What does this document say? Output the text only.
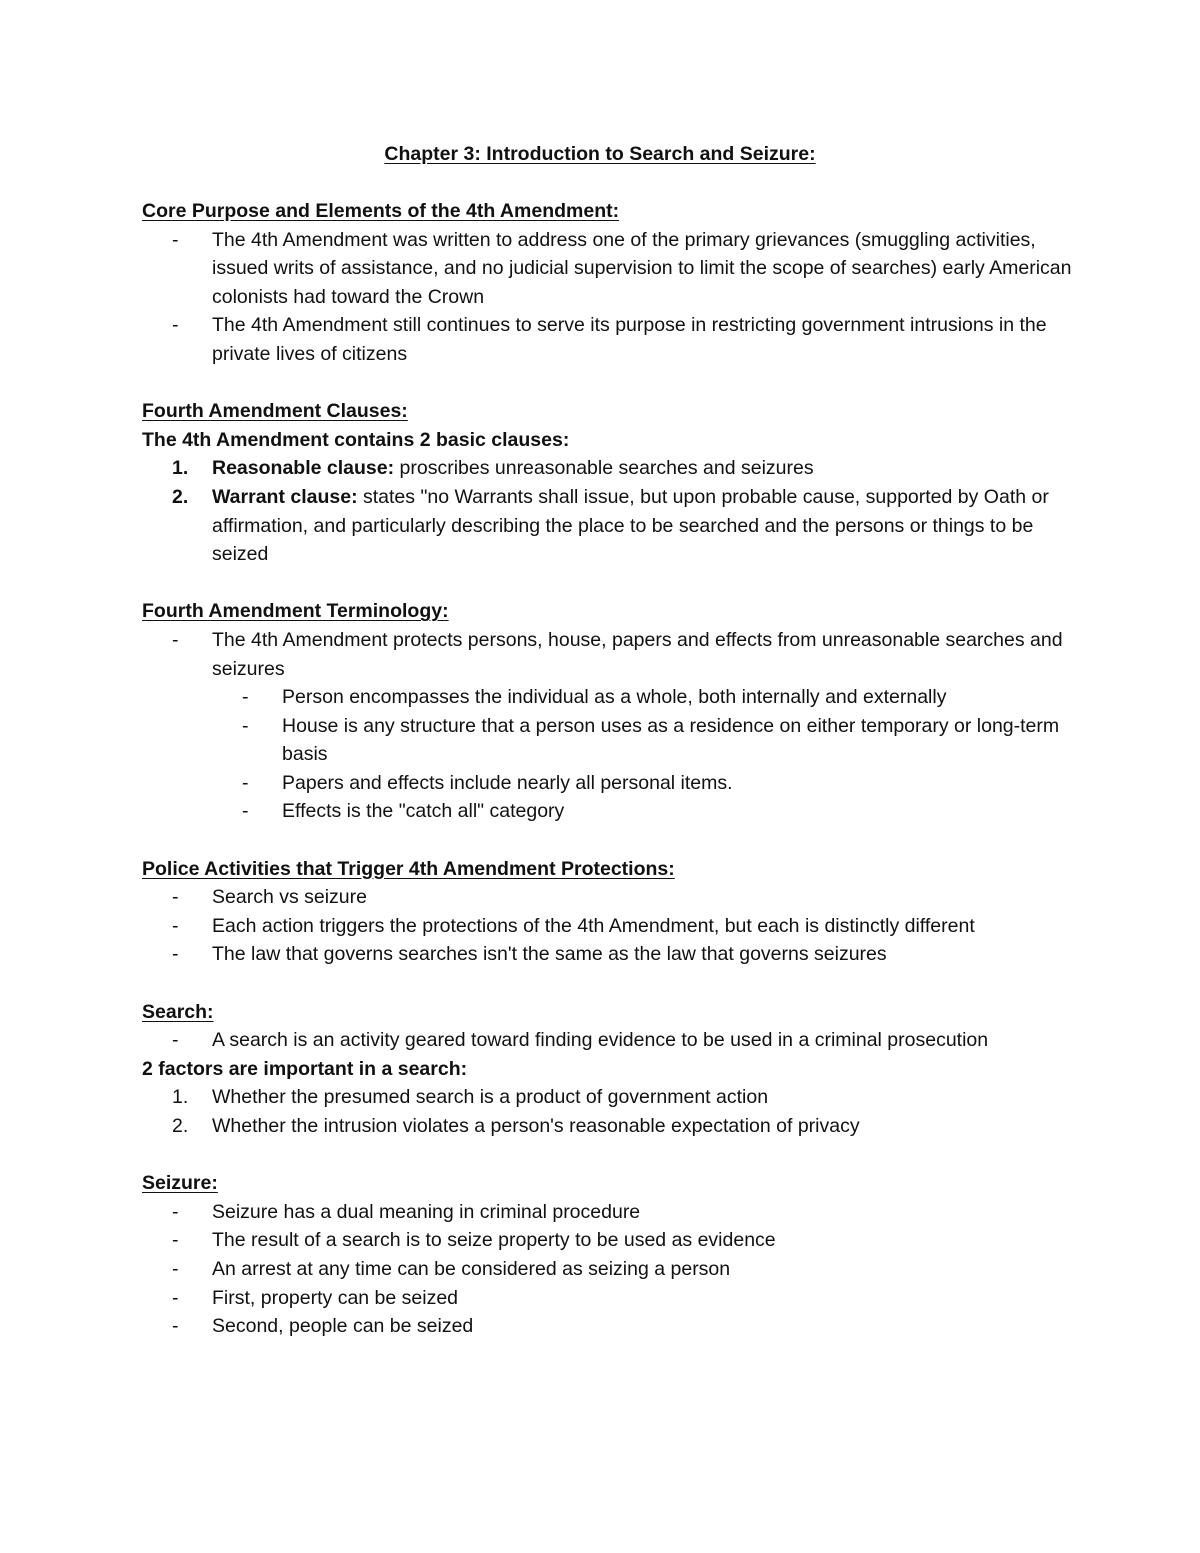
Chapter 3: Introduction to Search and Seizure:

Core Purpose and Elements of the 4th Amendment:

-	The 4th Amendment was written to address one of the primary grievances (smuggling activities, issued writs of assistance, and no judicial supervision to limit the scope of searches) early American colonists had toward the Crown
-	The 4th Amendment still continues to serve its purpose in restricting government intrusions in the private lives of citizens

Fourth Amendment Clauses:

The 4th Amendment contains 2 basic clauses:

1.	Reasonable clause: proscribes unreasonable searches and seizures
2.	Warrant clause: states "no Warrants shall issue, but upon probable cause, supported by Oath or affirmation, and particularly describing the place to be searched and the persons or things to be seized

Fourth Amendment Terminology:

-	The 4th Amendment protects persons, house, papers and effects from unreasonable searches and seizures
-	Person encompasses the individual as a whole, both internally and externally
-	House is any structure that a person uses as a residence on either temporary or long-term basis
-	Papers and effects include nearly all personal items.
-	Effects is the "catch all" category

Police Activities that Trigger 4th Amendment Protections:

-	Search vs seizure
-	Each action triggers the protections of the 4th Amendment, but each is distinctly different
-	The law that governs searches isn't the same as the law that governs seizures

Search:

-	A search is an activity geared toward finding evidence to be used in a criminal prosecution

2 factors are important in a search:

1.	Whether the presumed search is a product of government action
2.	Whether the intrusion violates a person's reasonable expectation of privacy

Seizure:

-	Seizure has a dual meaning in criminal procedure
-	The result of a search is to seize property to be used as evidence
-	An arrest at any time can be considered as seizing a person
-	First, property can be seized
-	Second, people can be seized
